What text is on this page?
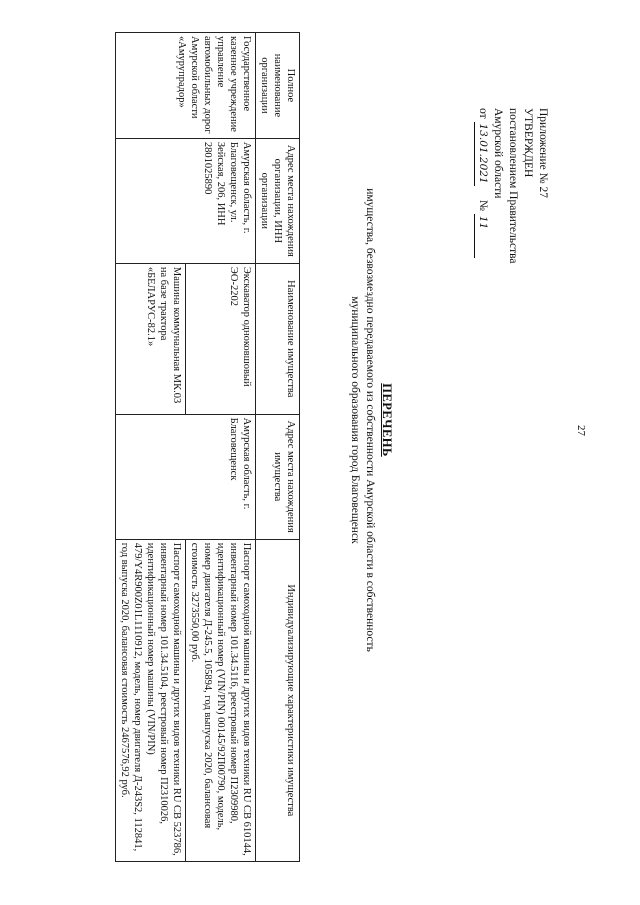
27
Приложение № 27
УТВЕРЖДЕН
постановлением Правительства
Амурской области
от 13.01.2021     № 11
ПЕРЕЧЕНЬ
имущества, безвозмездно передаваемого из собственности Амурской области в собственность
муниципального образования город Благовещенск
Полное наименование организации	Адрес места нахождения организации, ИНН организации	Наименование имущества	Адрес места нахождения имущества	Индивидуализирующие характеристики имущества
Государственное казенное учреждение управление автомобильных дорог Амурской области «Амурупрадор»	Амурская область, г. Благовещенск, ул. Зейская, 206, ИНН 2801025890	Экскаватор одноковшовый ЭО-2202	Амурская область, г. Благовещенск	Паспорт самоходной машины и других видов техники RU CB 610144, инвентарный номер 101.34.5116, реестровый номер П2309980, идентификационный номер (VIN/PIN) 00145/92П00790, модель, номер двигателя Д-245.5, 105894, год выпуска 2020, балансовая стоимость 3273550,00 руб.
		Машина коммунальная МК.03 на базе трактора «БЕЛАРУС-82.1»		Паспорт самоходной машины и других видов техники RU CB 523786, инвентарный номер 101.34.5104, реестровый номер П2310026, идентификационный номер машины (VIN/PIN) 479/Y4R900Z01L1110912, модель, номер двигателя Д-243S2, 112841, год выпуска 2020, балансовая стоимость 2467576,92 руб.
